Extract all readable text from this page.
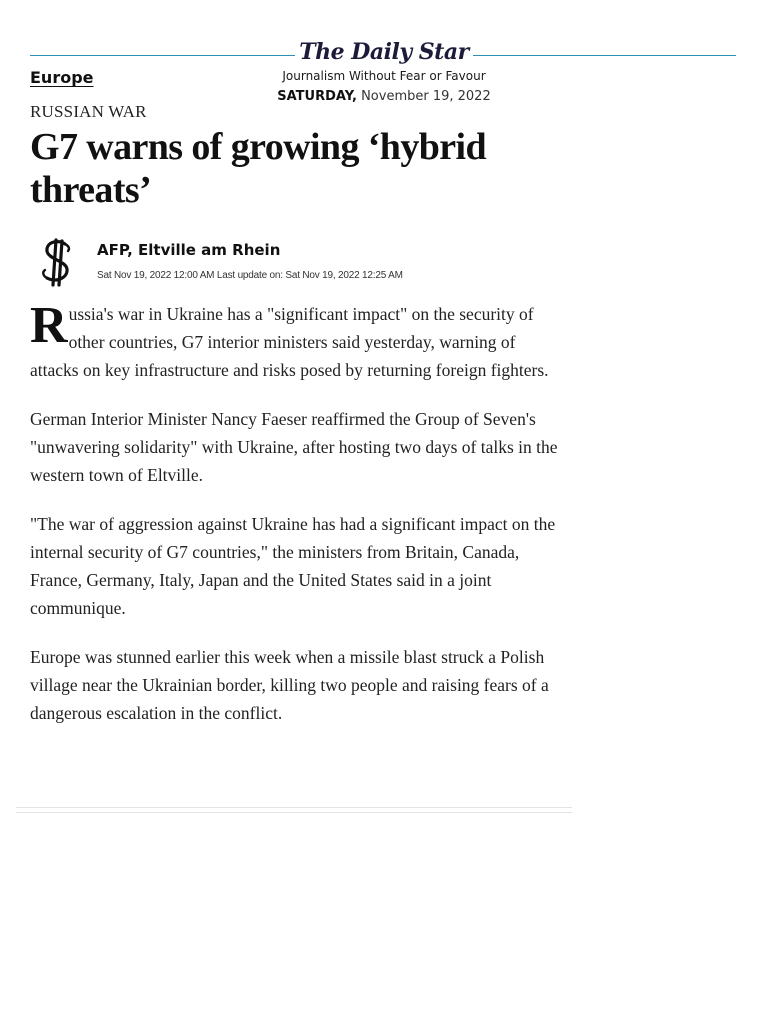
The Daily Star
Journalism Without Fear or Favour
SATURDAY, November 19, 2022
Europe
RUSSIAN WAR
G7 warns of growing ‘hybrid threats’
AFP, Eltville am Rhein
Sat Nov 19, 2022 12:00 AM Last update on: Sat Nov 19, 2022 12:25 AM

Russia's war in Ukraine has a "significant impact" on the security of other countries, G7 interior ministers said yesterday, warning of attacks on key infrastructure and risks posed by returning foreign fighters.

German Interior Minister Nancy Faeser reaffirmed the Group of Seven's "unwavering solidarity" with Ukraine, after hosting two days of talks in the western town of Eltville.

"The war of aggression against Ukraine has had a significant impact on the internal security of G7 countries," the ministers from Britain, Canada, France, Germany, Italy, Japan and the United States said in a joint communique.

Europe was stunned earlier this week when a missile blast struck a Polish village near the Ukrainian border, killing two people and raising fears of a dangerous escalation in the conflict.
